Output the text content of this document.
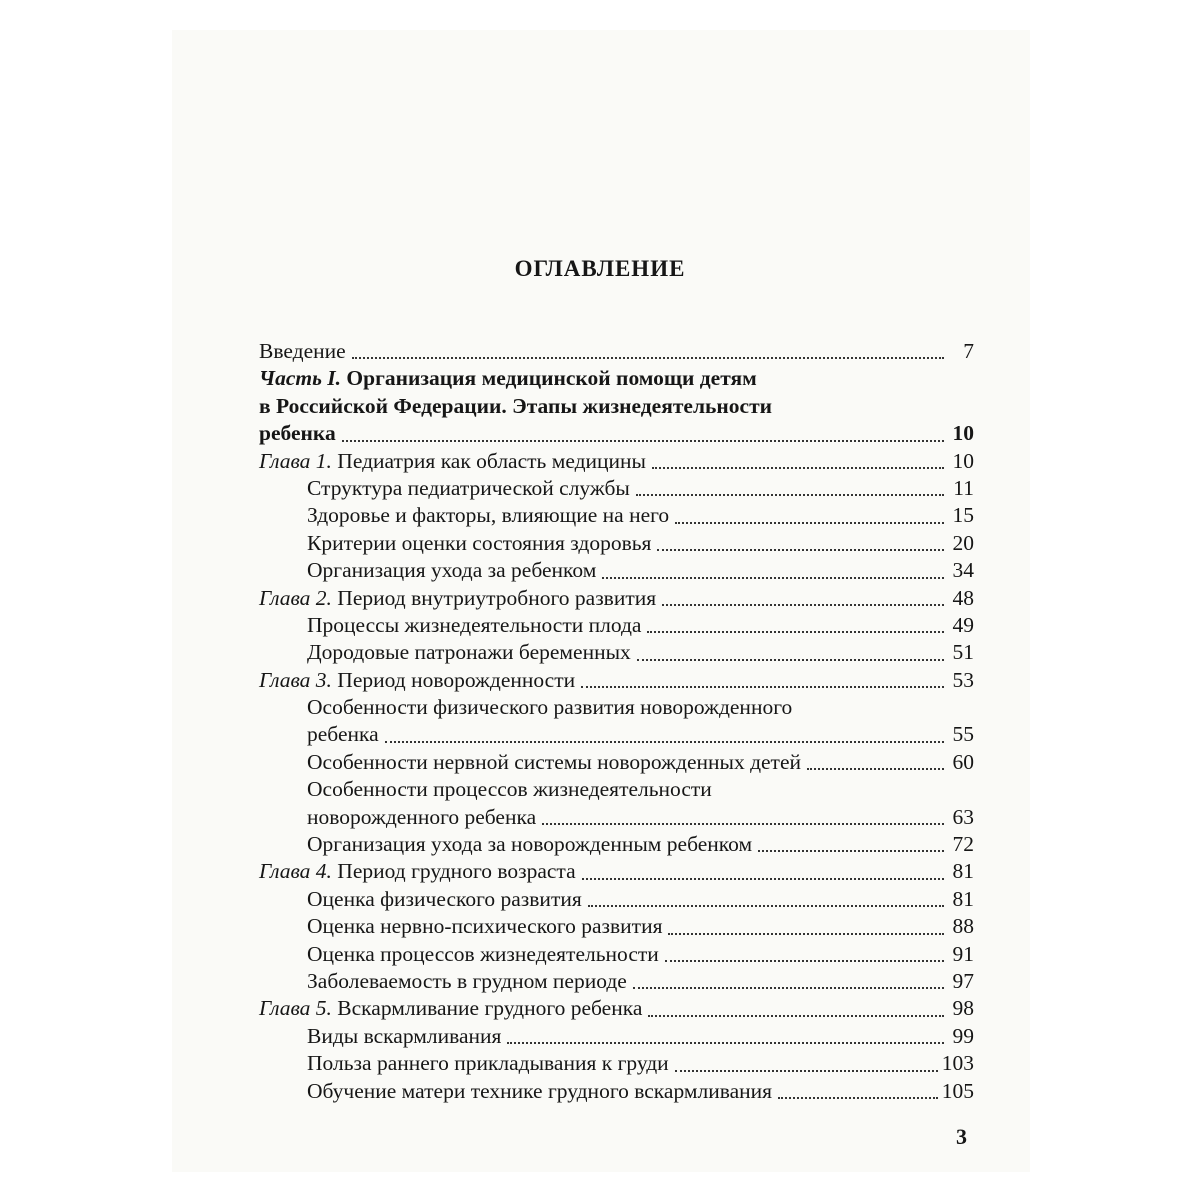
ОГЛАВЛЕНИЕ
Введение	7
Часть I. Организация медицинской помощи детям
в Российской Федерации. Этапы жизнедеятельности
ребенка	10
Глава 1. Педиатрия как область медицины	10
Структура педиатрической службы	11
Здоровье и факторы, влияющие на него	15
Критерии оценки состояния здоровья	20
Организация ухода за ребенком	34
Глава 2. Период внутриутробного развития	48
Процессы жизнедеятельности плода	49
Дородовые патронажи беременных	51
Глава 3. Период новорожденности	53
Особенности физического развития новорожденного
ребенка	55
Особенности нервной системы новорожденных детей	60
Особенности процессов жизнедеятельности
новорожденного ребенка	63
Организация ухода за новорожденным ребенком	72
Глава 4. Период грудного возраста	81
Оценка физического развития	81
Оценка нервно-психического развития	88
Оценка процессов жизнедеятельности	91
Заболеваемость в грудном периоде	97
Глава 5. Вскармливание грудного ребенка	98
Виды вскармливания	99
Польза раннего прикладывания к груди	103
Обучение матери технике грудного вскармливания	105
3
